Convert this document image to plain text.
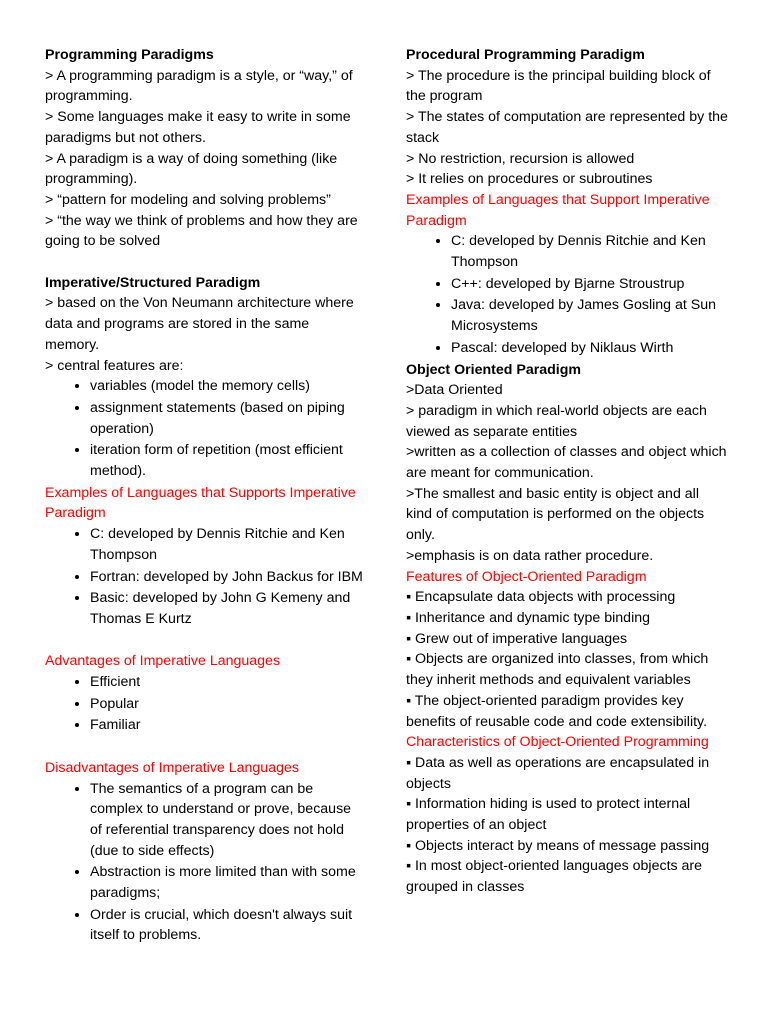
Programming Paradigms

> A programming paradigm is a style, or “way,” of programming.

> Some languages make it easy to write in some paradigms but not others.

> A paradigm is a way of doing something (like programming).

> “pattern for modeling and solving problems”

> “the way we think of problems and how they are going to be solved

Imperative/Structured Paradigm

> based on the Von Neumann architecture where data and programs are stored in the same memory.

> central features are:

• variables (model the memory cells)
• assignment statements (based on piping operation)
• iteration form of repetition (most efficient method).

Examples of Languages that Supports Imperative Paradigm

• C: developed by Dennis Ritchie and Ken Thompson
• Fortran: developed by John Backus for IBM
• Basic: developed by John G Kemeny and Thomas E Kurtz

Advantages of Imperative Languages

• Efficient
• Popular
• Familiar

Disadvantages of Imperative Languages

• The semantics of a program can be complex to understand or prove, because of referential transparency does not hold (due to side effects)
• Abstraction is more limited than with some paradigms;
• Order is crucial, which doesn't always suit itself to problems.

Procedural Programming Paradigm

> The procedure is the principal building block of the program

> The states of computation are represented by the stack

> No restriction, recursion is allowed

> It relies on procedures or subroutines

Examples of Languages that Support Imperative Paradigm

• C: developed by Dennis Ritchie and Ken Thompson
• C++: developed by Bjarne Stroustrup
• Java: developed by James Gosling at Sun Microsystems
• Pascal: developed by Niklaus Wirth

Object Oriented Paradigm

>Data Oriented

> paradigm in which real-world objects are each viewed as separate entities

>written as a collection of classes and object which are meant for communication.

>The smallest and basic entity is object and all kind of computation is performed on the objects only.

>emphasis is on data rather procedure.

Features of Object-Oriented Paradigm

▪ Encapsulate data objects with processing

▪ Inheritance and dynamic type binding

▪ Grew out of imperative languages

▪ Objects are organized into classes, from which they inherit methods and equivalent variables

▪ The object-oriented paradigm provides key benefits of reusable code and code extensibility.

Characteristics of Object-Oriented Programming

▪ Data as well as operations are encapsulated in objects

▪ Information hiding is used to protect internal properties of an object

▪ Objects interact by means of message passing

▪ In most object-oriented languages objects are grouped in classes
